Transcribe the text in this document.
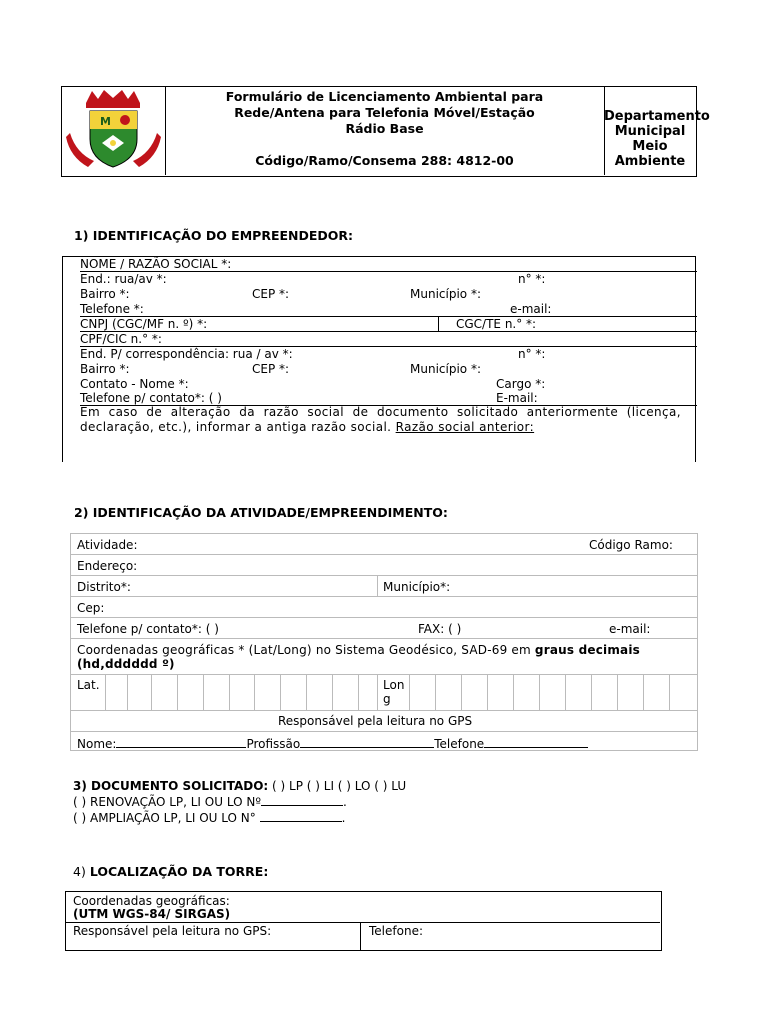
M
Formulário de Licenciamento Ambiental para
Rede/Antena para Telefonia Móvel/Estação
Rádio Base
Código/Ramo/Consema 288: 4812-00
Departamento
Municipal Meio
Ambiente
1) IDENTIFICAÇÃO DO EMPREENDEDOR:
NOME / RAZÃO SOCIAL *:
End.: rua/av *:	n° *:
Bairro *:	CEP *:	Município *:
Telefone *:	e-mail:
CNPJ (CGC/MF n. º) *:	CGC/TE n.° *:
CPF/CIC n.° *:
End. P/ correspondência: rua / av *:	n° *:
Bairro *:	CEP *:	Município *:
Contato - Nome *:	Cargo *:
Telefone p/ contato*: ( )	E-mail:
Em caso de alteração da razão social de documento solicitado anteriormente (licença, declaração, etc.), informar a antiga razão social. Razão social anterior:
2) IDENTIFICAÇÃO DA ATIVIDADE/EMPREENDIMENTO:
Atividade:	Código Ramo:
Endereço:
Distrito*:	Município*:
Cep:
Telefone p/ contato*: ( )	FAX: ( )	e-mail:
Coordenadas geográficas * (Lat/Long) no Sistema Geodésico, SAD-69 em graus decimais
(hd,dddddd º)
Lat.	Lon
g
Responsável pela leitura no GPS
Nome:	Profissão	Telefone
3) DOCUMENTO SOLICITADO: ( ) LP ( ) LI ( ) LO ( ) LU
( ) RENOVAÇÃO LP, LI OU LO Nº	.
( ) AMPLIAÇÃO LP, LI OU LO N°	.
4) LOCALIZAÇÃO DA TORRE:
Coordenadas geográficas:
(UTM WGS-84/ SIRGAS)
Responsável pela leitura no GPS:	Telefone:
